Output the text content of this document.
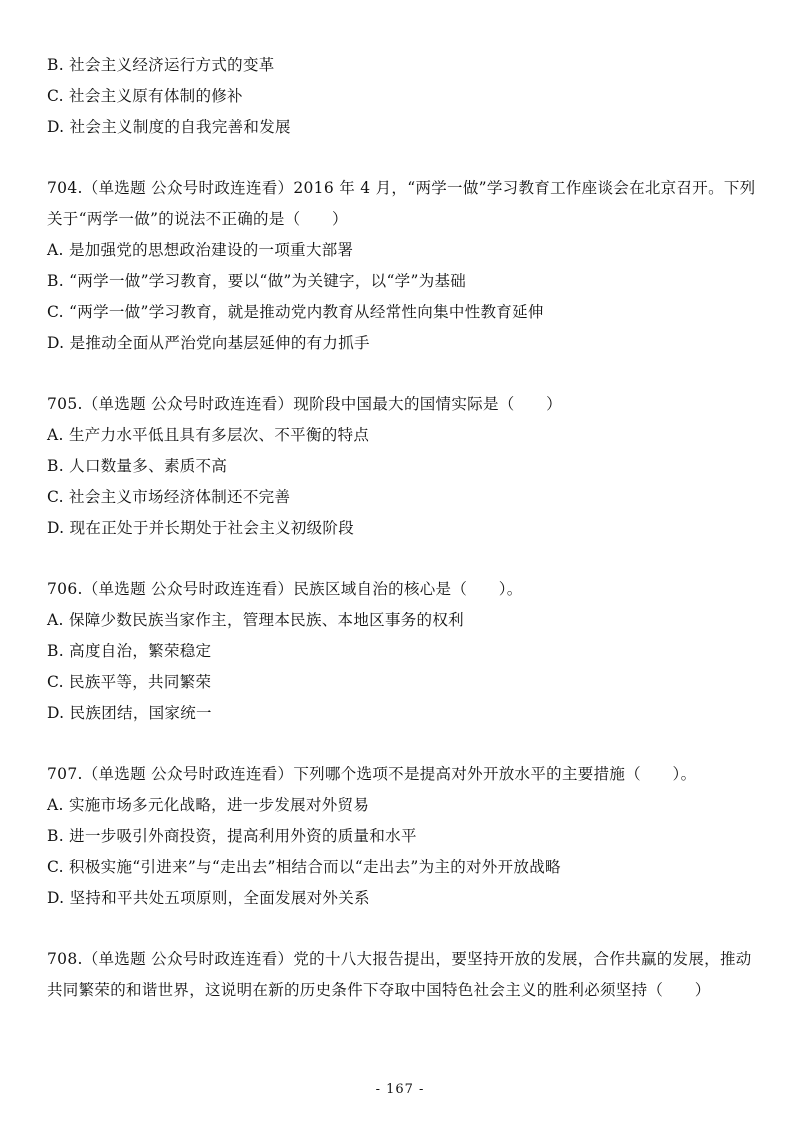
B. 社会主义经济运行方式的变革
C. 社会主义原有体制的修补
D. 社会主义制度的自我完善和发展
704.（单选题 公众号时政连连看）2016 年 4 月，“两学一做”学习教育工作座谈会在北京召开。下列关于“两学一做”的说法不正确的是（　　）
A. 是加强党的思想政治建设的一项重大部署
B. “两学一做”学习教育，要以“做”为关键字，以“学”为基础
C. “两学一做”学习教育，就是推动党内教育从经常性向集中性教育延伸
D. 是推动全面从严治党向基层延伸的有力抓手
705.（单选题 公众号时政连连看）现阶段中国最大的国情实际是（　　）
A. 生产力水平低且具有多层次、不平衡的特点
B. 人口数量多、素质不高
C. 社会主义市场经济体制还不完善
D. 现在正处于并长期处于社会主义初级阶段
706.（单选题 公众号时政连连看）民族区域自治的核心是（　　）。
A. 保障少数民族当家作主，管理本民族、本地区事务的权利
B. 高度自治，繁荣稳定
C. 民族平等，共同繁荣
D. 民族团结，国家统一
707.（单选题 公众号时政连连看）下列哪个选项不是提高对外开放水平的主要措施（　　）。
A. 实施市场多元化战略，进一步发展对外贸易
B. 进一步吸引外商投资，提高利用外资的质量和水平
C. 积极实施“引进来”与“走出去”相结合而以“走出去”为主的对外开放战略
D. 坚持和平共处五项原则，全面发展对外关系
708.（单选题 公众号时政连连看）党的十八大报告提出，要坚持开放的发展，合作共赢的发展，推动共同繁荣的和谐世界，这说明在新的历史条件下夺取中国特色社会主义的胜利必须坚持（　　）
- 167 -
